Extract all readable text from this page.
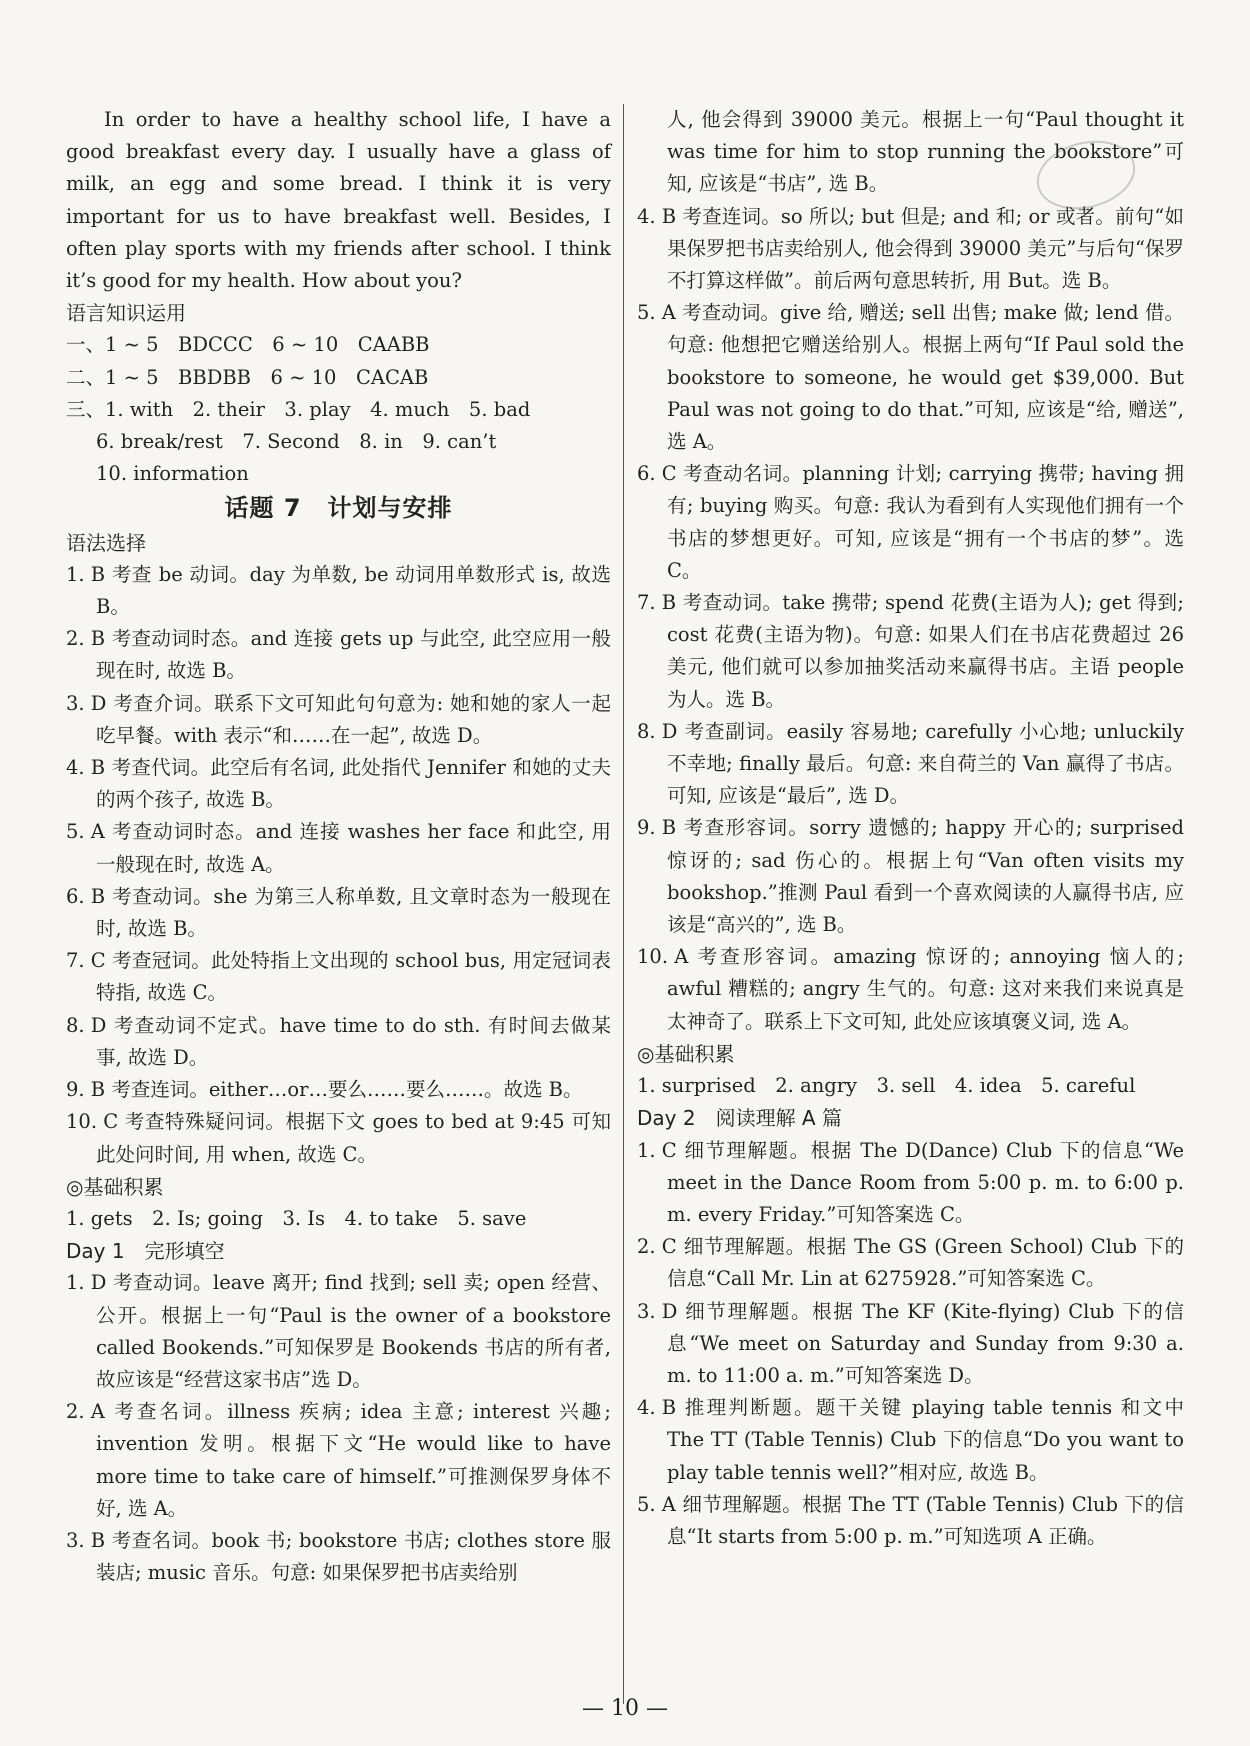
In order to have a healthy school life, I have a good breakfast every day. I usually have a glass of milk, an egg and some bread. I think it is very important for us to have breakfast well. Besides, I often play sports with my friends after school. I think it’s good for my health. How about you?

语言知识运用

一、1 ~ 5　BDCCC　6 ~ 10　CAABB

二、1 ~ 5　BBDBB　6 ~ 10　CACAB

三、1. with　2. their　3. play　4. much　5. bad

6. break/rest　7. Second　8. in　9. can’t

10. information

话题 7 计划与安排

语法选择

1. B 考查 be 动词。day 为单数, be 动词用单数形式 is, 故选 B。

2. B 考查动词时态。and 连接 gets up 与此空, 此空应用一般现在时, 故选 B。

3. D 考查介词。联系下文可知此句句意为: 她和她的家人一起吃早餐。with 表示“和……在一起”, 故选 D。

4. B 考查代词。此空后有名词, 此处指代 Jennifer 和她的丈夫的两个孩子, 故选 B。

5. A 考查动词时态。and 连接 washes her face 和此空, 用一般现在时, 故选 A。

6. B 考查动词。she 为第三人称单数, 且文章时态为一般现在时, 故选 B。

7. C 考查冠词。此处特指上文出现的 school bus, 用定冠词表特指, 故选 C。

8. D 考查动词不定式。have time to do sth. 有时间去做某事, 故选 D。

9. B 考查连词。either…or…要么……要么……。故选 B。

10. C 考查特殊疑问词。根据下文 goes to bed at 9:45 可知此处问时间, 用 when, 故选 C。

◎基础积累

1. gets　2. Is; going　3. Is　4. to take　5. save

Day 1　完形填空

1. D 考查动词。leave 离开; find 找到; sell 卖; open 经营、公开。根据上一句“Paul is the owner of a bookstore called Bookends.”可知保罗是 Bookends 书店的所有者, 故应该是“经营这家书店”选 D。

2. A 考查名词。illness 疾病; idea 主意; interest 兴趣; invention 发明。根据下文“He would like to have more time to take care of himself.”可推测保罗身体不好, 选 A。

3. B 考查名词。book 书; bookstore 书店; clothes store 服装店; music 音乐。句意: 如果保罗把书店卖给别

人, 他会得到 39000 美元。根据上一句“Paul thought it was time for him to stop running the bookstore”可知, 应该是“书店”, 选 B。

4. B 考查连词。so 所以; but 但是; and 和; or 或者。前句“如果保罗把书店卖给别人, 他会得到 39000 美元”与后句“保罗不打算这样做”。前后两句意思转折, 用 But。选 B。

5. A 考查动词。give 给, 赠送; sell 出售; make 做; lend 借。句意: 他想把它赠送给别人。根据上两句“If Paul sold the bookstore to someone, he would get $39,000. But Paul was not going to do that.”可知, 应该是“给, 赠送”, 选 A。

6. C 考查动名词。planning 计划; carrying 携带; having 拥有; buying 购买。句意: 我认为看到有人实现他们拥有一个书店的梦想更好。可知, 应该是“拥有一个书店的梦”。选 C。

7. B 考查动词。take 携带; spend 花费(主语为人); get 得到; cost 花费(主语为物)。句意: 如果人们在书店花费超过 26 美元, 他们就可以参加抽奖活动来赢得书店。主语 people 为人。选 B。

8. D 考查副词。easily 容易地; carefully 小心地; unluckily 不幸地; finally 最后。句意: 来自荷兰的 Van 赢得了书店。可知, 应该是“最后”, 选 D。

9. B 考查形容词。sorry 遗憾的; happy 开心的; surprised 惊讶的; sad 伤心的。根据上句“Van often visits my bookshop.”推测 Paul 看到一个喜欢阅读的人赢得书店, 应该是“高兴的”, 选 B。

10. A 考查形容词。amazing 惊讶的; annoying 恼人的; awful 糟糕的; angry 生气的。句意: 这对来我们来说真是太神奇了。联系上下文可知, 此处应该填褒义词, 选 A。

◎基础积累

1. surprised　2. angry　3. sell　4. idea　5. careful

Day 2　阅读理解 A 篇

1. C 细节理解题。根据 The D(Dance) Club 下的信息“We meet in the Dance Room from 5:00 p. m. to 6:00 p. m. every Friday.”可知答案选 C。

2. C 细节理解题。根据 The GS (Green School) Club 下的信息“Call Mr. Lin at 6275928.”可知答案选 C。

3. D 细节理解题。根据 The KF (Kite-flying) Club 下的信息“We meet on Saturday and Sunday from 9:30 a. m. to 11:00 a. m.”可知答案选 D。

4. B 推理判断题。题干关键 playing table tennis 和文中 The TT (Table Tennis) Club 下的信息“Do you want to play table tennis well?”相对应, 故选 B。

5. A 细节理解题。根据 The TT (Table Tennis) Club 下的信息“It starts from 5:00 p. m.”可知选项 A 正确。

— 10 —
